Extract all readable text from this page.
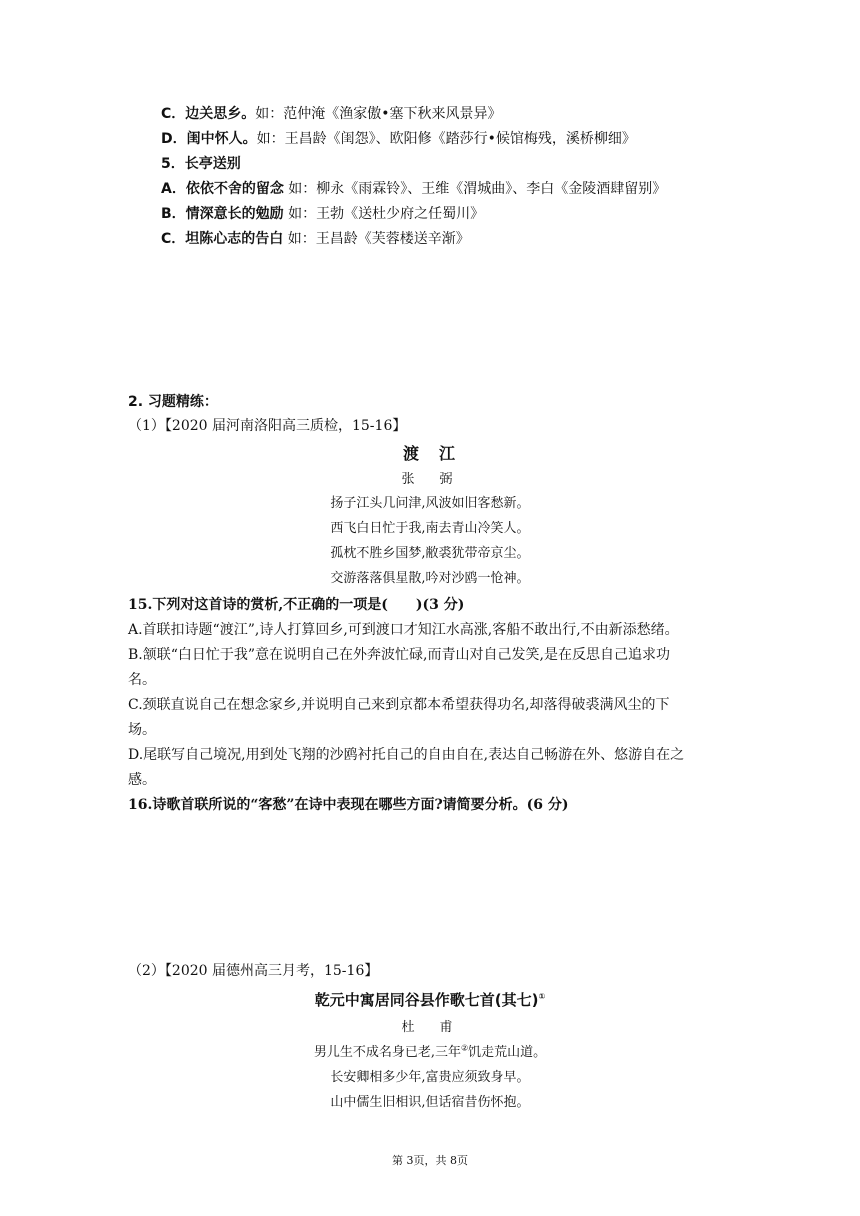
C．边关思乡。如：范仲淹《渔家傲•塞下秋来风景异》
D．闺中怀人。如：王昌龄《闺怨》、欧阳修《踏莎行•候馆梅残，溪桥柳细》
5．长亭送别
A．依依不舍的留念 如：柳永《雨霖铃》、王维《渭城曲》、李白《金陵酒肆留别》
B．情深意长的勉励 如：王勃《送杜少府之任蜀川》
C．坦陈心志的告白 如：王昌龄《芙蓉楼送辛渐》
2. 习题精练：
（1）【2020 届河南洛阳高三质检，15-16】
渡　江
张　弼
扬子江头几问津,风波如旧客愁新。
西飞白日忙于我,南去青山冷笑人。
孤枕不胜乡国梦,敝裘犹带帝京尘。
交游落落俱星散,吟对沙鸥一怆神。
15.下列对这首诗的赏析,不正确的一项是(　　)(3 分)
A.首联扣诗题“渡江”,诗人打算回乡,可到渡口才知江水高涨,客船不敢出行,不由新添愁绪。
B.颔联“白日忙于我”意在说明自己在外奔波忙碌,而青山对自己发笑,是在反思自己追求功
名。
C.颈联直说自己在想念家乡,并说明自己来到京都本希望获得功名,却落得破裘满风尘的下
场。
D.尾联写自己境况,用到处飞翔的沙鸥衬托自己的自由自在,表达自己畅游在外、悠游自在之
感。
16.诗歌首联所说的“客愁”在诗中表现在哪些方面?请简要分析。(6 分)
（2）【2020 届德州高三月考，15-16】
乾元中寓居同谷县作歌七首(其七)①
杜　甫
男儿生不成名身已老,三年②饥走荒山道。
长安卿相多少年,富贵应须致身早。
山中儒生旧相识,但话宿昔伤怀抱。
第 3页，共 8页
